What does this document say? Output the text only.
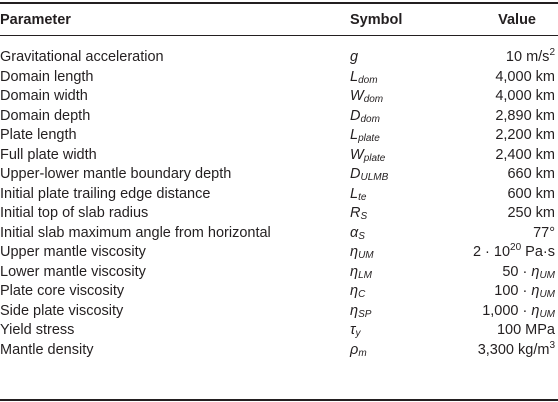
Parameter	Symbol	Value
Gravitational acceleration	g	10 $m/s^2$
Domain length	$L_{dom}$	4,000 km
Domain width	$W_{dom}$	4,000 km
Domain depth	$D_{dom}$	2,890 km
Plate length	$L_{plate}$	2,200 km
Full plate width	$W_{plate}$	2,400 km
Upper-lower mantle boundary depth	$D_{ULMB}$	660 km
Initial plate trailing edge distance	$L_{te}$	600 km
Initial top of slab radius	$R_S$	250 km
Initial slab maximum angle from horizontal	$\alpha_S$	77°
Upper mantle viscosity	$\eta_{UM}$	$2 \cdot 10^{20}$ Pa·s
Lower mantle viscosity	$\eta_{LM}$	$50 \cdot \eta_{UM}$
Plate core viscosity	$\eta_C$	$100 \cdot \eta_{UM}$
Side plate viscosity	$\eta_{SP}$	$1,000 \cdot \eta_{UM}$
Yield stress	$\tau_y$	100 MPa
Mantle density	$\rho_m$	3,300 $kg/m^3$
